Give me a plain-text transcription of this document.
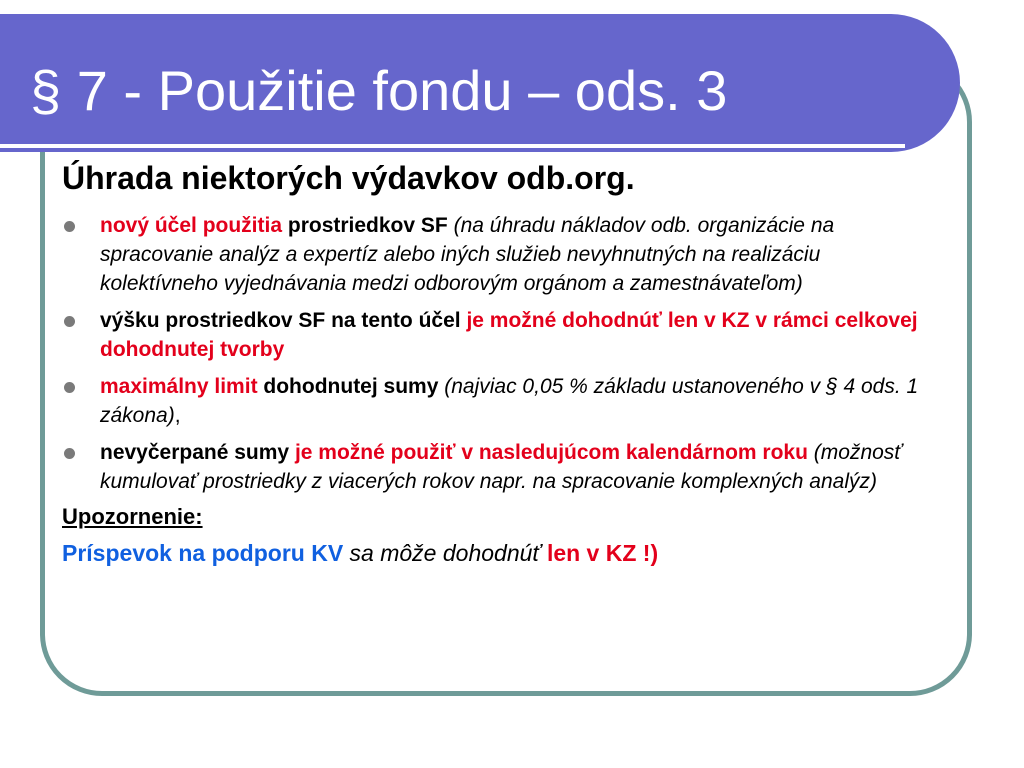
§ 7 - Použitie fondu – ods. 3
Úhrada niektorých výdavkov odb.org.
nový účel použitia prostriedkov SF (na úhradu nákladov odb. organizácie na spracovanie analýz a expertíz alebo iných služieb nevyhnutných na realizáciu kolektívneho vyjednávania medzi odborovým orgánom a zamestnávateľom)
výšku prostriedkov SF na tento účel je možné dohodnúť len v KZ v rámci celkovej dohodnutej tvorby
maximálny limit dohodnutej sumy (najviac 0,05 % základu ustanoveného v § 4 ods. 1 zákona),
nevyčerpané sumy je možné použiť v nasledujúcom kalendárnom roku (možnosť kumulovať prostriedky z viacerých rokov napr. na spracovanie komplexných analýz)
Upozornenie:
Príspevok na podporu KV sa môže dohodnúť len v KZ !)
